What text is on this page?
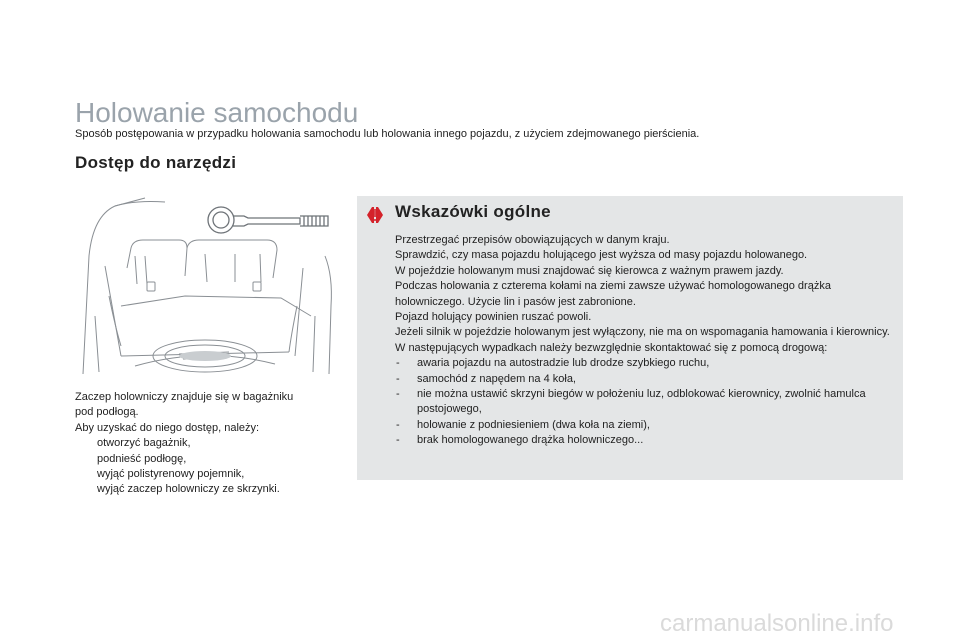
Holowanie samochodu
Sposób postępowania w przypadku holowania samochodu lub holowania innego pojazdu, z użyciem zdejmowanego pierścienia.
Dostęp do narzędzi

Zaczep holowniczy znajduje się w bagażniku

pod podłogą.

Aby uzyskać do niego dostęp, należy:

otworzyć bagażnik,
podnieść podłogę,
wyjąć polistyrenowy pojemnik,
wyjąć zaczep holowniczy ze skrzynki.
Wskazówki ogólne

Przestrzegać przepisów obowiązujących w danym kraju.

Sprawdzić, czy masa pojazdu holującego jest wyższa od masy pojazdu holowanego.

W pojeździe holowanym musi znajdować się kierowca z ważnym prawem jazdy.

Podczas holowania z czterema kołami na ziemi zawsze używać homologowanego drążka holowniczego. Użycie lin i pasów jest zabronione.

Pojazd holujący powinien ruszać powoli.

Jeżeli silnik w pojeździe holowanym jest wyłączony, nie ma on wspomagania hamowania i kierownicy.

W następujących wypadkach należy bezwzględnie skontaktować się z pomocą drogową:

- awaria pojazdu na autostradzie lub drodze szybkiego ruchu,
- samochód z napędem na 4 koła,
- nie można ustawić skrzyni biegów w położeniu luz, odblokować kierownicy, zwolnić hamulca postojowego,
- holowanie z podniesieniem (dwa koła na ziemi),
- brak homologowanego drążka holowniczego...
carmanualsonline.info
